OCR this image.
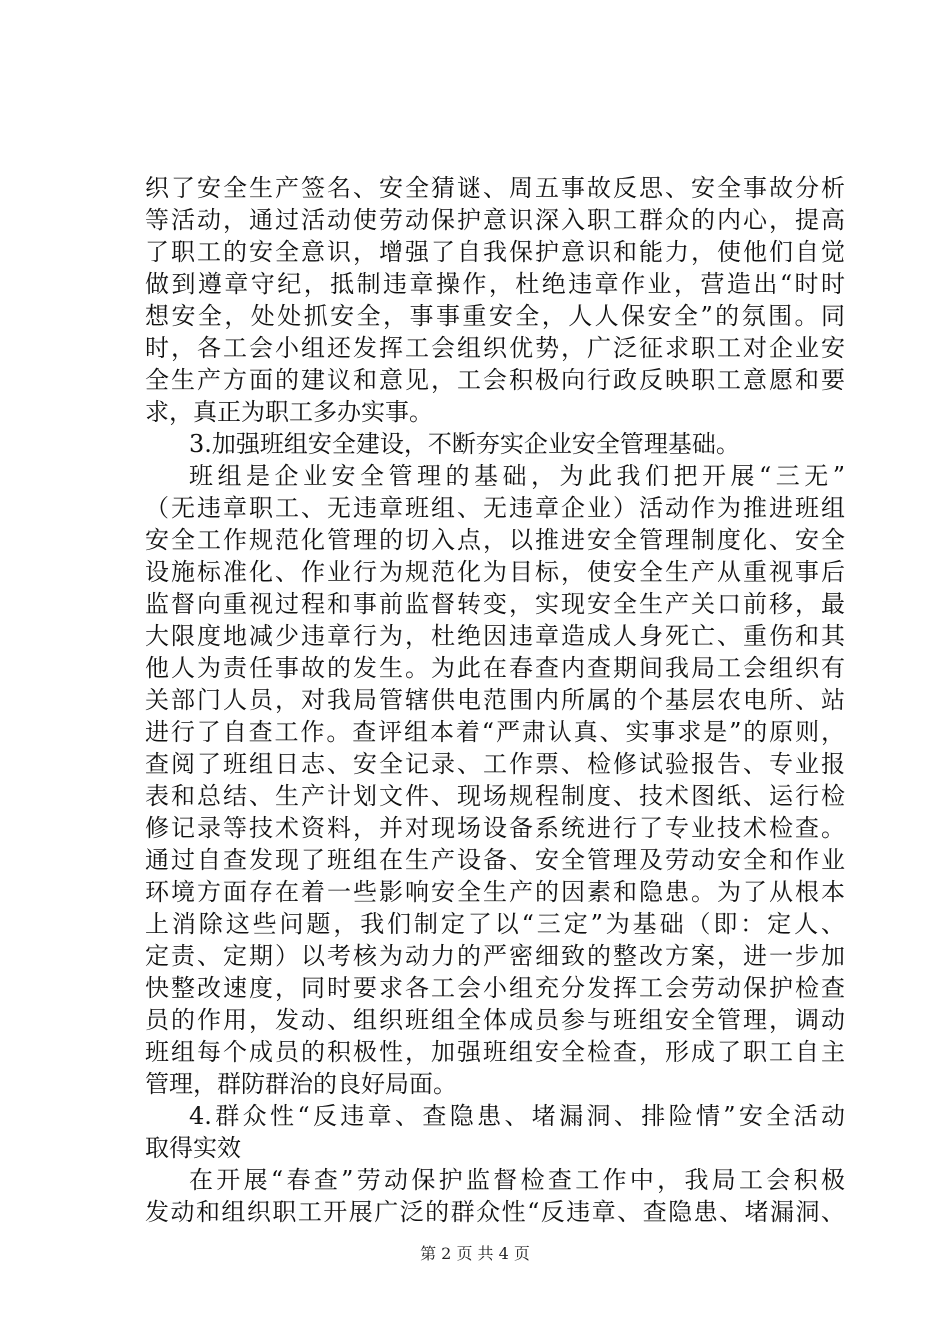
织了安全生产签名、安全猜谜、周五事故反思、安全事故分析
等活动，通过活动使劳动保护意识深入职工群众的内心，提高
了职工的安全意识，增强了自我保护意识和能力，使他们自觉
做到遵章守纪，抵制违章操作，杜绝违章作业，营造出“时时
想安全，处处抓安全，事事重安全，人人保安全”的氛围。同
时，各工会小组还发挥工会组织优势，广泛征求职工对企业安
全生产方面的建议和意见，工会积极向行政反映职工意愿和要
求，真正为职工多办实事。
3.加强班组安全建设，不断夯实企业安全管理基础。
班组是企业安全管理的基础，为此我们把开展“三无”
（无违章职工、无违章班组、无违章企业）活动作为推进班组
安全工作规范化管理的切入点，以推进安全管理制度化、安全
设施标准化、作业行为规范化为目标，使安全生产从重视事后
监督向重视过程和事前监督转变，实现安全生产关口前移，最
大限度地减少违章行为，杜绝因违章造成人身死亡、重伤和其
他人为责任事故的发生。为此在春查内查期间我局工会组织有
关部门人员，对我局管辖供电范围内所属的个基层农电所、站
进行了自查工作。查评组本着“严肃认真、实事求是”的原则，
查阅了班组日志、安全记录、工作票、检修试验报告、专业报
表和总结、生产计划文件、现场规程制度、技术图纸、运行检
修记录等技术资料，并对现场设备系统进行了专业技术检查。
通过自查发现了班组在生产设备、安全管理及劳动安全和作业
环境方面存在着一些影响安全生产的因素和隐患。为了从根本
上消除这些问题，我们制定了以“三定”为基础（即：定人、
定责、定期）以考核为动力的严密细致的整改方案，进一步加
快整改速度，同时要求各工会小组充分发挥工会劳动保护检查
员的作用，发动、组织班组全体成员参与班组安全管理，调动
班组每个成员的积极性，加强班组安全检查，形成了职工自主
管理，群防群治的良好局面。
4.群众性“反违章、查隐患、堵漏洞、排险情”安全活动
取得实效
在开展“春查”劳动保护监督检查工作中，我局工会积极
发动和组织职工开展广泛的群众性“反违章、查隐患、堵漏洞、
第 2 页 共 4 页
